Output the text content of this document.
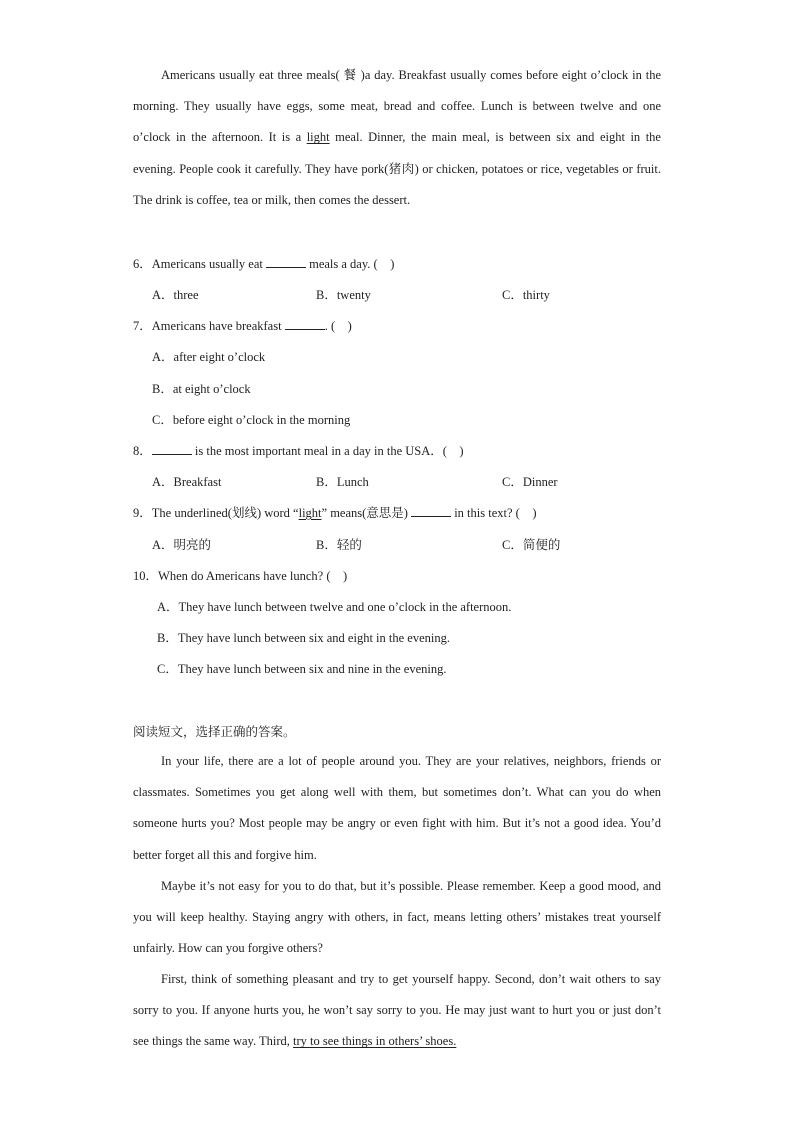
Americans usually eat three meals( 餐 )a day. Breakfast usually comes before eight o’clock in the morning. They usually have eggs, some meat, bread and coffee. Lunch is between twelve and one o’clock in the afternoon. It is a light meal. Dinner, the main meal, is between six and eight in the evening. People cook it carefully. They have pork(猪肉) or chicken, potatoes or rice, vegetables or fruit. The drink is coffee, tea or milk, then comes the dessert.

6．Americans usually eat	meals a day. (　)
A．three	B．twenty	C．thirty
7．Americans have breakfast	. (　)
A．after eight o’clock
B．at eight o’clock
C．before eight o’clock in the morning
8．	is the most important meal in a day in the USA．(　)
A．Breakfast	B．Lunch	C．Dinner
9．The underlined(划线) word “light” means(意思是)	in this text? (　)
A．明亮的	B．轻的	C．简便的
10．When do Americans have lunch? (　)
A．They have lunch between twelve and one o’clock in the afternoon.
B．They have lunch between six and eight in the evening.
C．They have lunch between six and nine in the evening.
阅读短文，选择正确的答案。

In your life, there are a lot of people around you. They are your relatives, neighbors, friends or classmates. Sometimes you get along well with them, but sometimes don’t. What can you do when someone hurts you? Most people may be angry or even fight with him. But it’s not a good idea. You’d better forget all this and forgive him.

Maybe it’s not easy for you to do that, but it’s possible. Please remember. Keep a good mood, and you will keep healthy. Staying angry with others, in fact, means letting others’ mistakes treat yourself unfairly. How can you forgive others?

First, think of something pleasant and try to get yourself happy. Second, don’t wait others to say sorry to you. If anyone hurts you, he won’t say sorry to you. He may just want to hurt you or just don’t see things the same way. Third, try to see things in others’ shoes.
